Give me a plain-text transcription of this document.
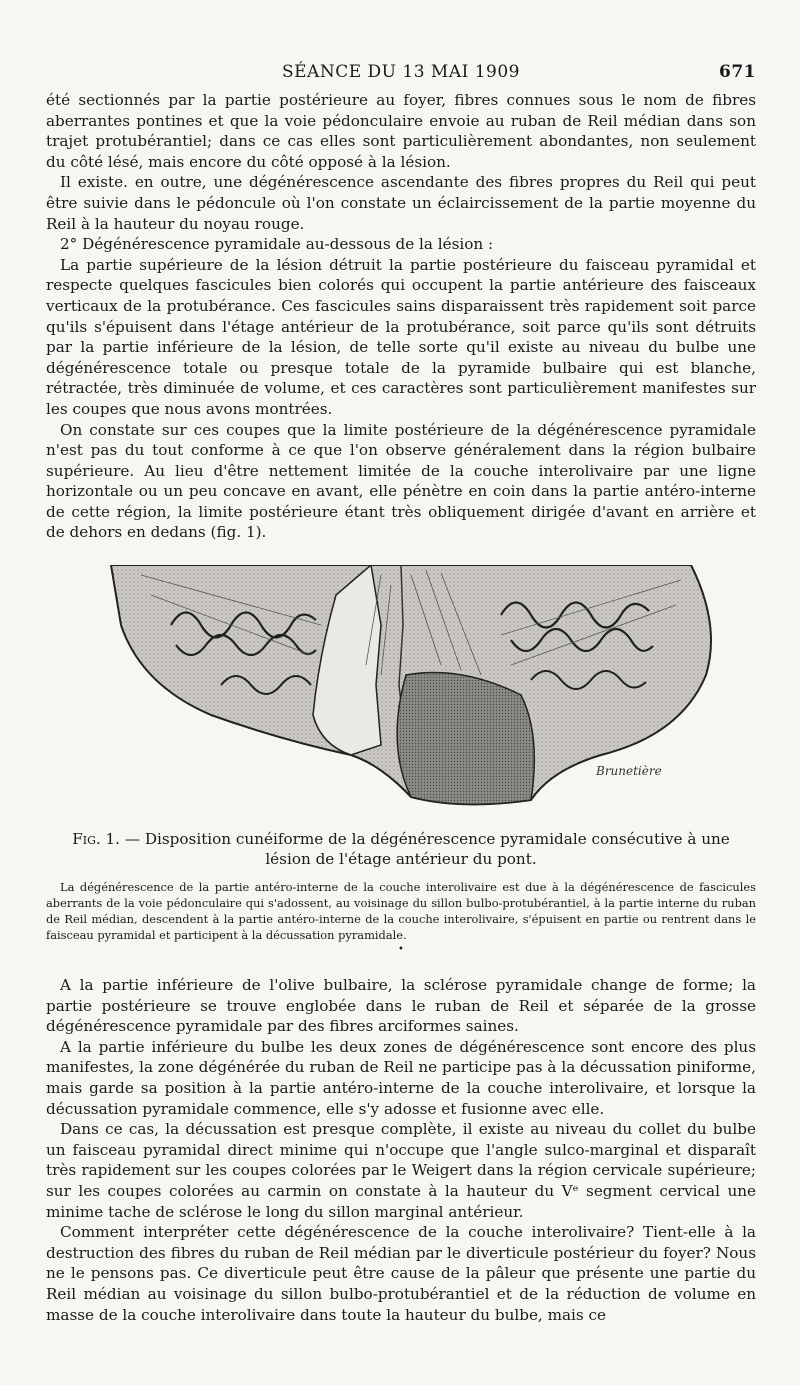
SÉANCE DU 13 MAI 1909	671

été sectionnés par la partie postérieure au foyer, fibres connues sous le nom de fibres aberrantes pontines et que la voie pédonculaire envoie au ruban de Reil médian dans son trajet protubérantiel; dans ce cas elles sont particulièrement abondantes, non seulement du côté lésé, mais encore du côté opposé à la lésion.

Il existe. en outre, une dégénérescence ascendante des fibres propres du Reil qui peut être suivie dans le pédoncule où l'on constate un éclaircissement de la partie moyenne du Reil à la hauteur du noyau rouge.

2° Dégénérescence pyramidale au-dessous de la lésion :

La partie supérieure de la lésion détruit la partie postérieure du faisceau pyramidal et respecte quelques fascicules bien colorés qui occupent la partie antérieure des faisceaux verticaux de la protubérance. Ces fascicules sains disparaissent très rapidement soit parce qu'ils s'épuisent dans l'étage antérieur de la protubérance, soit parce qu'ils sont détruits par la partie inférieure de la lésion, de telle sorte qu'il existe au niveau du bulbe une dégénérescence totale ou presque totale de la pyramide bulbaire qui est blanche, rétractée, très diminuée de volume, et ces caractères sont particulièrement manifestes sur les coupes que nous avons montrées.

On constate sur ces coupes que la limite postérieure de la dégénérescence pyramidale n'est pas du tout conforme à ce que l'on observe généralement dans la région bulbaire supérieure. Au lieu d'être nettement limitée de la couche interolivaire par une ligne horizontale ou un peu concave en avant, elle pénètre en coin dans la partie antéro-interne de cette région, la limite postérieure étant très obliquement dirigée d'avant en arrière et de dehors en dedans (fig. 1).

Brunetière
Fig. 1. — Disposition cunéiforme de la dégénérescence pyramidale consécutive à une lésion de l'étage antérieur du pont.
La dégénérescence de la partie antéro-interne de la couche interolivaire est due à la dégénérescence de fascicules aberrants de la voie pédonculaire qui s'adossent, au voisinage du sillon bulbo-protubérantiel, à la partie interne du ruban de Reil médian, descendent à la partie antéro-interne de la couche interolivaire, s'épuisent en partie ou rentrent dans le faisceau pyramidal et participent à la décussation pyramidale.
•

A la partie inférieure de l'olive bulbaire, la sclérose pyramidale change de forme; la partie postérieure se trouve englobée dans le ruban de Reil et séparée de la grosse dégénérescence pyramidale par des fibres arciformes saines.

A la partie inférieure du bulbe les deux zones de dégénérescence sont encore des plus manifestes, la zone dégénérée du ruban de Reil ne participe pas à la décussation piniforme, mais garde sa position à la partie antéro-interne de la couche interolivaire, et lorsque la décussation pyramidale commence, elle s'y adosse et fusionne avec elle.

Dans ce cas, la décussation est presque complète, il existe au niveau du collet du bulbe un faisceau pyramidal direct minime qui n'occupe que l'angle sulco-marginal et disparaît très rapidement sur les coupes colorées par le Weigert dans la région cervicale supérieure; sur les coupes colorées au carmin on constate à la hauteur du Vᵉ segment cervical une minime tache de sclérose le long du sillon marginal antérieur.

Comment interpréter cette dégénérescence de la couche interolivaire? Tient-elle à la destruction des fibres du ruban de Reil médian par le diverticule postérieur du foyer? Nous ne le pensons pas. Ce diverticule peut être cause de la pâleur que présente une partie du Reil médian au voisinage du sillon bulbo-protubérantiel et de la réduction de volume en masse de la couche interolivaire dans toute la hauteur du bulbe, mais ce
